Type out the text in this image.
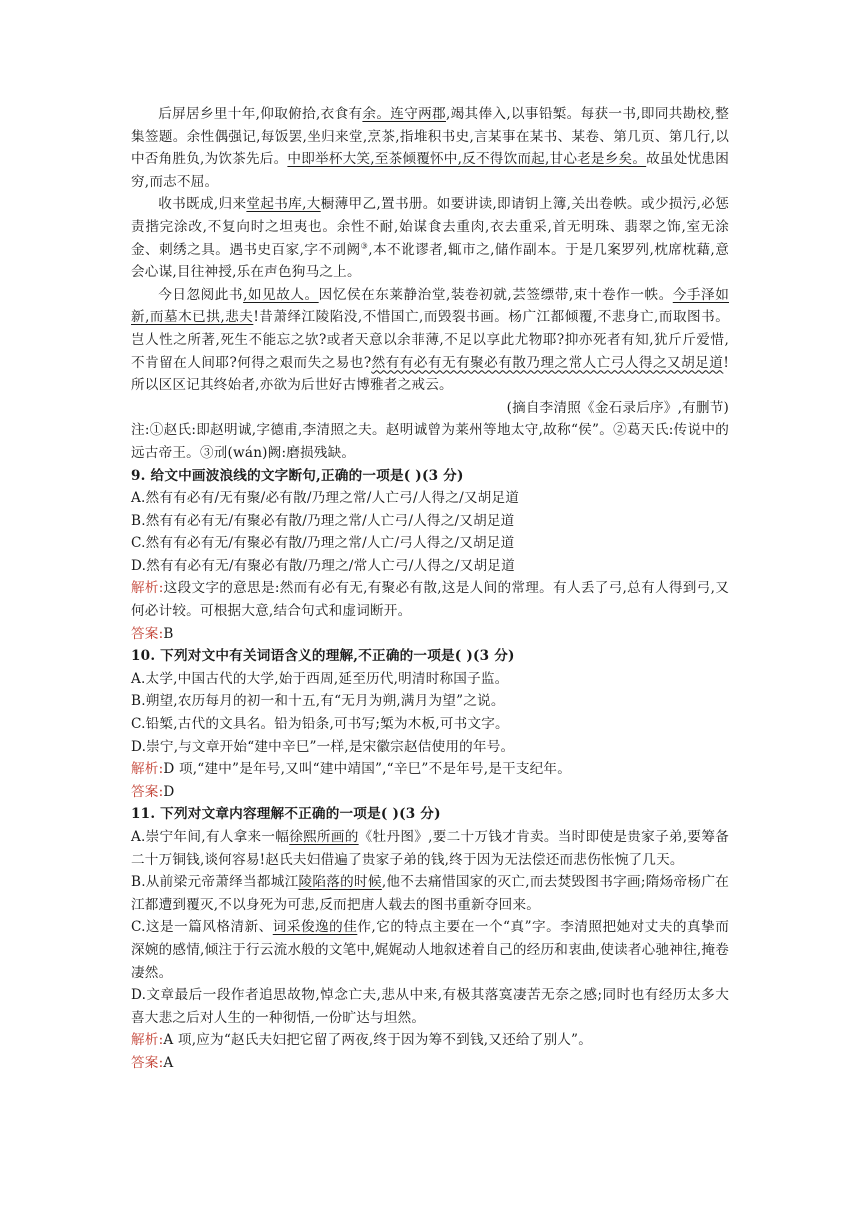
后屏居乡里十年,仰取俯拾,衣食有余。连守两郡,竭其俸入,以事铅椠。每获一书,即同共勘校,整集签题。余性偶强记,每饭罢,坐归来堂,烹茶,指堆积书史,言某事在某书、某卷、第几页、第几行,以中否角胜负,为饮茶先后。中即举杯大笑,至茶倾覆怀中,反不得饮而起,甘心老是乡矣。故虽处忧患困穷,而志不屈。

收书既成,归来堂起书库,大橱薄甲乙,置书册。如要讲读,即请钥上簿,关出卷帙。或少损污,必惩责揩完涂改,不复向时之坦夷也。余性不耐,始谋食去重肉,衣去重采,首无明珠、翡翠之饰,室无涂金、刺绣之具。遇书史百家,字不刓阙③,本不讹谬者,辄市之,储作副本。于是几案罗列,枕席枕藉,意会心谋,目往神授,乐在声色狗马之上。

今日忽阅此书,如见故人。因忆侯在东莱静治堂,装卷初就,芸签缥带,束十卷作一帙。今手泽如新,而墓木已拱,悲夫!昔萧绎江陵陷没,不惜国亡,而毁裂书画。杨广江都倾覆,不悲身亡,而取图书。岂人性之所著,死生不能忘之欤?或者天意以余菲薄,不足以享此尤物耶?抑亦死者有知,犹斤斤爱惜,不肯留在人间耶?何得之艰而失之易也?然有有必有无有聚必有散乃理之常人亡弓人得之又胡足道!所以区区记其终始者,亦欲为后世好古博雅者之戒云。

(摘自李清照《金石录后序》,有删节)

注:①赵氏:即赵明诚,字德甫,李清照之夫。赵明诚曾为莱州等地太守,故称“侯”。②葛天氏:传说中的远古帝王。③刓(wán)阙:磨损残缺。

9. 给文中画波浪线的文字断句,正确的一项是( )(3 分)

A.然有有必有/无有聚/必有散/乃理之常/人亡弓/人得之/又胡足道

B.然有有必有无/有聚必有散/乃理之常/人亡弓/人得之/又胡足道

C.然有有必有无/有聚必有散/乃理之常/人亡/弓人得之/又胡足道

D.然有有必有无/有聚必有散/乃理之/常人亡弓/人得之/又胡足道

解析:这段文字的意思是:然而有必有无,有聚必有散,这是人间的常理。有人丢了弓,总有人得到弓,又何必计较。可根据大意,结合句式和虚词断开。

答案:B

10. 下列对文中有关词语含义的理解,不正确的一项是( )(3 分)

A.太学,中国古代的大学,始于西周,延至历代,明清时称国子监。

B.朔望,农历每月的初一和十五,有“无月为朔,满月为望”之说。

C.铅椠,古代的文具名。铅为铅条,可书写;椠为木板,可书文字。

D.崇宁,与文章开始“建中辛巳”一样,是宋徽宗赵佶使用的年号。

解析:D 项,“建中”是年号,又叫“建中靖国”,“辛巳”不是年号,是干支纪年。

答案:D

11. 下列对文章内容理解不正确的一项是( )(3 分)

A.崇宁年间,有人拿来一幅徐熙所画的《牡丹图》,要二十万钱才肯卖。当时即使是贵家子弟,要筹备二十万铜钱,谈何容易!赵氏夫妇借遍了贵家子弟的钱,终于因为无法偿还而悲伤怅惋了几天。

B.从前梁元帝萧绎当都城江陵陷落的时候,他不去痛惜国家的灭亡,而去焚毁图书字画;隋炀帝杨广在江都遭到覆灭,不以身死为可悲,反而把唐人载去的图书重新夺回来。

C.这是一篇风格清新、词采俊逸的佳作,它的特点主要在一个“真”字。李清照把她对丈夫的真挚而深婉的感情,倾注于行云流水般的文笔中,娓娓动人地叙述着自己的经历和衷曲,使读者心驰神往,掩卷凄然。

D.文章最后一段作者追思故物,悼念亡夫,悲从中来,有极其落寞凄苦无奈之感;同时也有经历太多大喜大悲之后对人生的一种彻悟,一份旷达与坦然。

解析:A 项,应为“赵氏夫妇把它留了两夜,终于因为筹不到钱,又还给了别人”。

答案:A
